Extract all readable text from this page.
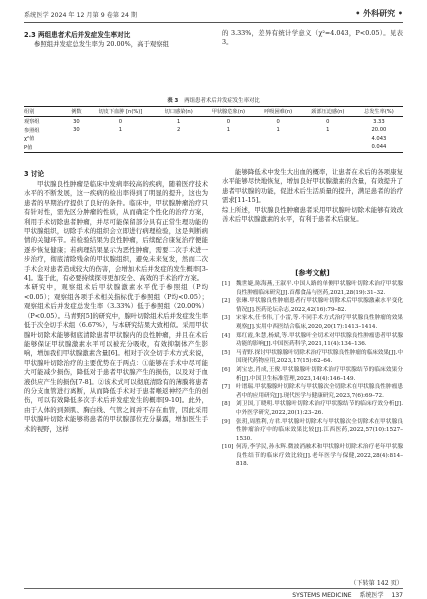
系统医学 2024 年 12 月第 9 卷第 24 期	• 外科研究 •
2.3 两组患者术后并发症发生率对比
参照组并发症总发生率为 20.00%，高于观察组
的 3.33%，差异有统计学意义（χ²=4.043，P<0.05）。见表 3。
表 3 两组患者术后并发症发生率对比
组别	例数	切皮下血肿 [n(%)]	切口感染(n)	甲状腺危象(n)	呼吸困难(n)	颈部压迫感(n)	总发生率(%)
观察组	30	0	1	0	0	0	3.33
参照组	30	1	2	1	1	1	20.00
χ²值							4.043
P值							0.044
3 讨论
甲状腺良性肿瘤是临床中发病率较高的疾病，随着医疗技术水平的不断发展，这一疾病的检出率得到了明显的提升，这也为患者的早期治疗提供了良好的条件。临床中，甲状腺肿瘤治疗只有针对性，需先区分肿瘤的性质，从而确定个性化的治疗方案，利用手术切除患者肿瘤，并尽可能保留部分具有正常生理功能的甲状腺组织，切除手术的组织会立即进行病理检验，这是判断病情的关键环节。若检验结果为良性肿瘤，后续配合康复治疗便能逐步恢复健康；若病理结果显示为恶性肿瘤，需要二次手术进一步治疗，彻底清除残余的甲状腺组织，避免未来复发，然而二次手术会对患者造成较大的伤害，会增加术后并发症的发生概率[3-4]。鉴于此，有必要持续探寻更加安全、高效的手术治疗方案。
本研究中，观察组术后甲状腺激素水平优于参照组（P均<0.05）；观察组各项手术相关指标优于参照组（P均<0.05）；观察组术后并发症总发生率（3.33%）低于参照组（20.00%）（P<0.05）。马青野[5]的研究中，腺叶切除组术后并发症发生率低于次全切手术组（6.67%），与本研究结果大致相似。采用甲状腺叶切除术能够彻底清除患者甲状腺内的良性肿瘤，并且在术后能够保证甲状腺激素水平可以被充分吸收，有效抑制体产生影响，增加我们甲状腺激素含量[6]。相对于次全切手术方式来说，甲状腺叶切除治疗的主要优势在于两点：①能够在手术中尽可能大可能减少损伤，降低对于患者甲状腺产生的损伤，以及对于血液供应产生的损伤[7-8]。②该术式可以彻底清除有的薄膜将患者的分支血管进行离断，从而降低手术对于患者喉返神经产生的创伤，可以有效降低多次手术后并发症发生的概率[9-10]。此外，由于人体的到颈肌、胸白线、气管之间并不存在血管，因此采用甲状腺叶切除术能够将患者的甲状腺部位充分暴露，增加医生手术的视野，这样
能够降低术中发生大出血的概率，让患者在术后的各项康复水平能够尽快地恢复，增加良好甲状腺激素的含量，有效提升了患者甲状腺的功能，促进术后生活质量的提升，满足患者的治疗需求[11-15]。
综上所述，甲状腺良性肿瘤患者采用甲状腺叶切除术能够有效改善术后甲状腺激素的水平，有利于患者术后康复。
[参考文献]
[1] 魏世婕,陈海燕,王淑平.中国人路的单侧甲状腺叶切除术治疗甲状腺良性肿瘤临床研究[J].首都食品与医药,2021,28(19):31–32.
[2] 张琳.甲状腺良性肿瘤患者行甲状腺叶切除术后甲状腺激素水平变化情况[J].医药论坛杂志,2022,42(16):79–82.
[3] 宋家木,任书伟,丁小雷,等.不同手术方式治疗甲状腺良性肿瘤的效果观察[J].实用中西医结合临床,2020,20(17):1413–1414.
[4] 郑红霞,朱慧,杨斌,等.甲状腺叶全切术对甲状腺良性肿瘤患者甲状腺功能的影响[J].中国医药科学,2021,11(4):134–136.
[5] 马青野.探讨甲状腺腺叶切除术治疗甲状腺良性肿瘤的临床效果[J].中国现代药物应用,2023,17(15):62–64.
[6] 刘宝忠,肖成,王俊.甲状腺腺叶切除术治疗甲状腺结节的临床效果分析[J].中国卫生标准管理,2023,14(4):146–149.
[7] 叶谱瑞.甲状腺腺叶切除术与甲状腺次全切除术在甲状腺良性肿瘤患者中的应用研究[J].现代医学与健康研究,2023,7(6):69–72.
[8] 刘卫国,丁晓明.甲状腺叶切除术治疗甲状腺结节的临床疗效分析[J].中外医学研究,2022,20(1):23–26.
[9] 张玥,周胜利,方君.甲状腺叶切除术与甲状腺次全切除术在甲状腺良性肿瘤治疗中的临床效果比较[J].江西医药,2022,57(10):1527–1530.
[10] 何涛,李学民,孙永辉.微波消融术和甲状腺叶切除术治疗老年甲状腺良性结节的临床疗效比较[J].老年医学与保健,2022,28(4):814–818.
（下转第 142 页）
SYSTEMS MEDICINE 系统医学 137
